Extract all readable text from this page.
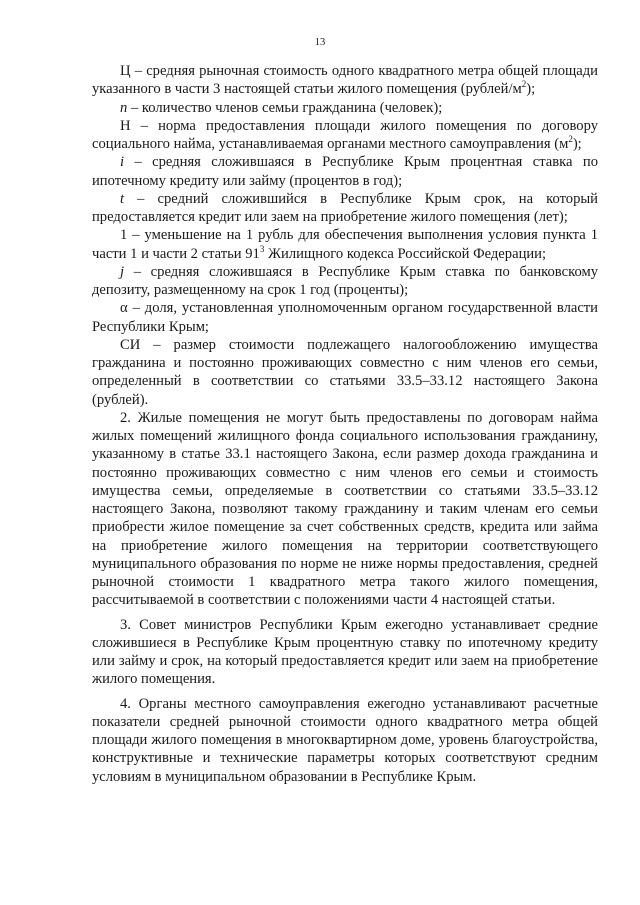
13

Ц – средняя рыночная стоимость одного квадратного метра общей площади указанного в части 3 настоящей статьи жилого помещения $(рублей/м^2)$;

n – количество членов семьи гражданина (человек);

Н – норма предоставления площади жилого помещения по договору социального найма, устанавливаемая органами местного самоуправления $(м^2)$;

i – средняя сложившаяся в Республике Крым процентная ставка по ипотечному кредиту или займу (процентов в год);

t – средний сложившийся в Республике Крым срок, на который предоставляется кредит или заем на приобретение жилого помещения (лет);

1 – уменьшение на 1 рубль для обеспечения выполнения условия пункта 1 части 1 и части 2 статьи $91^3$ Жилищного кодекса Российской Федерации;

j – средняя сложившаяся в Республике Крым ставка по банковскому депозиту, размещенному на срок 1 год (проценты);

α – доля, установленная уполномоченным органом государственной власти Республики Крым;

СИ – размер стоимости подлежащего налогообложению имущества гражданина и постоянно проживающих совместно с ним членов его семьи, определенный в соответствии со статьями 33.5–33.12 настоящего Закона (рублей).

2. Жилые помещения не могут быть предоставлены по договорам найма жилых помещений жилищного фонда социального использования гражданину, указанному в статье 33.1 настоящего Закона, если размер дохода гражданина и постоянно проживающих совместно с ним членов его семьи и стоимость имущества семьи, определяемые в соответствии со статьями 33.5–33.12 настоящего Закона, позволяют такому гражданину и таким членам его семьи приобрести жилое помещение за счет собственных средств, кредита или займа на приобретение жилого помещения на территории соответствующего муниципального образования по норме не ниже нормы предоставления, средней рыночной стоимости 1 квадратного метра такого жилого помещения, рассчитываемой в соответствии с положениями части 4 настоящей статьи.

3. Совет министров Республики Крым ежегодно устанавливает средние сложившиеся в Республике Крым процентную ставку по ипотечному кредиту или займу и срок, на который предоставляется кредит или заем на приобретение жилого помещения.

4. Органы местного самоуправления ежегодно устанавливают расчетные показатели средней рыночной стоимости одного квадратного метра общей площади жилого помещения в многоквартирном доме, уровень благоустройства, конструктивные и технические параметры которых соответствуют средним условиям в муниципальном образовании в Республике Крым.
